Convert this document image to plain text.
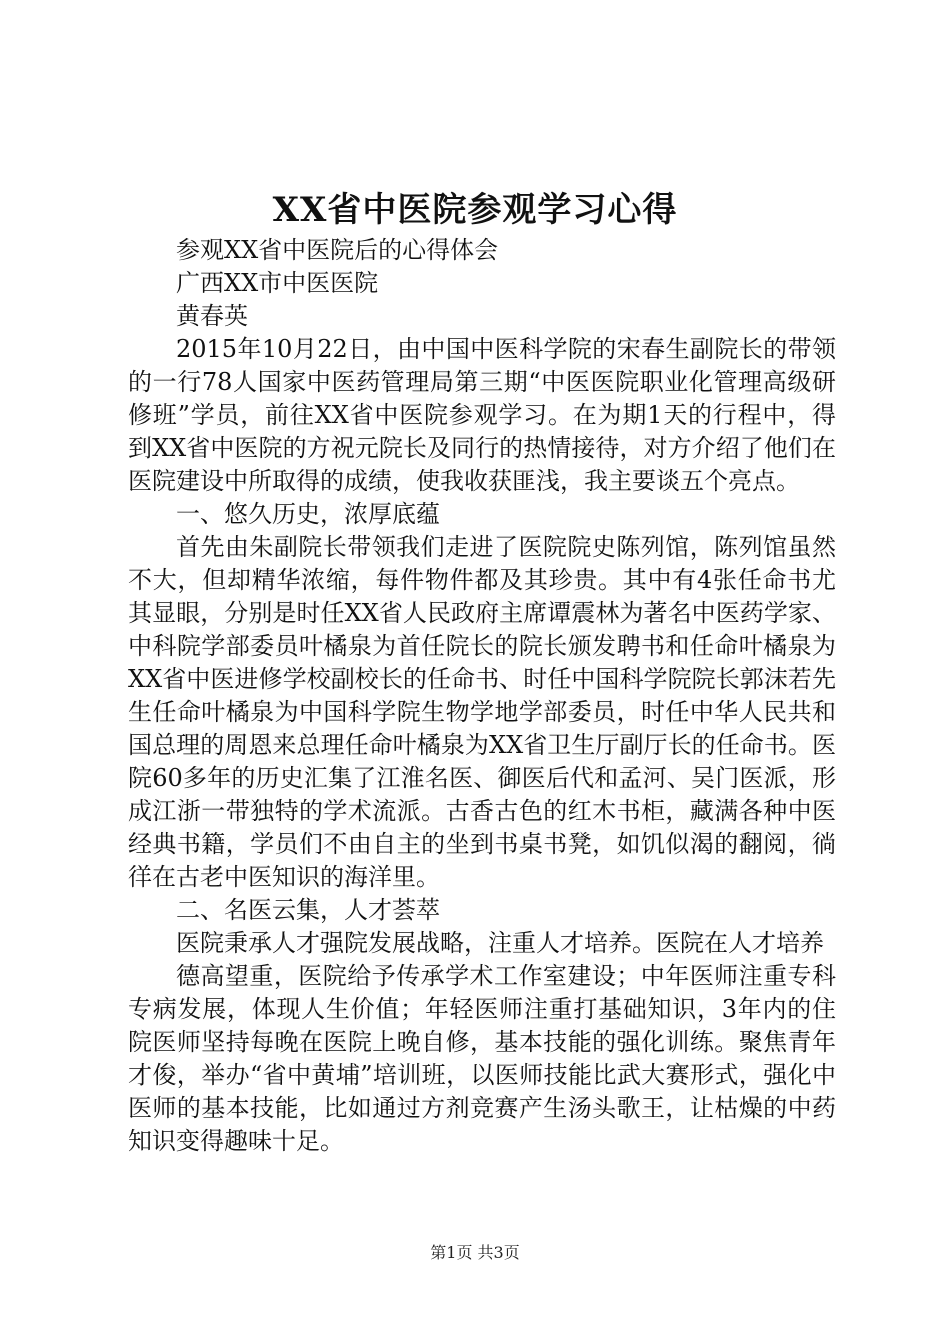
XX省中医院参观学习心得

参观XX省中医院后的心得体会

广西XX市中医医院

黄春英

2015年10月22日，由中国中医科学院的宋春生副院长的带领的一行78人国家中医药管理局第三期“中医医院职业化管理高级研修班”学员，前往XX省中医院参观学习。在为期1天的行程中，得到XX省中医院的方祝元院长及同行的热情接待，对方介绍了他们在医院建设中所取得的成绩，使我收获匪浅，我主要谈五个亮点。

一、悠久历史，浓厚底蕴

首先由朱副院长带领我们走进了医院院史陈列馆，陈列馆虽然不大，但却精华浓缩，每件物件都及其珍贵。其中有4张任命书尤其显眼，分别是时任XX省人民政府主席谭震林为著名中医药学家、中科院学部委员叶橘泉为首任院长的院长颁发聘书和任命叶橘泉为XX省中医进修学校副校长的任命书、时任中国科学院院长郭沫若先生任命叶橘泉为中国科学院生物学地学部委员，时任中华人民共和国总理的周恩来总理任命叶橘泉为XX省卫生厅副厅长的任命书。医院60多年的历史汇集了江淮名医、御医后代和孟河、吴门医派，形成江浙一带独特的学术流派。古香古色的红木书柜，藏满各种中医经典书籍，学员们不由自主的坐到书桌书凳，如饥似渴的翻阅，徜徉在古老中医知识的海洋里。

二、名医云集，人才荟萃

医院秉承人才强院发展战略，注重人才培养。医院在人才培养

德高望重，医院给予传承学术工作室建设；中年医师注重专科专病发展，体现人生价值；年轻医师注重打基础知识，3年内的住院医师坚持每晚在医院上晚自修，基本技能的强化训练。聚焦青年才俊，举办“省中黄埔”培训班，以医师技能比武大赛形式，强化中医师的基本技能，比如通过方剂竞赛产生汤头歌王，让枯燥的中药知识变得趣味十足。

第1页 共3页
